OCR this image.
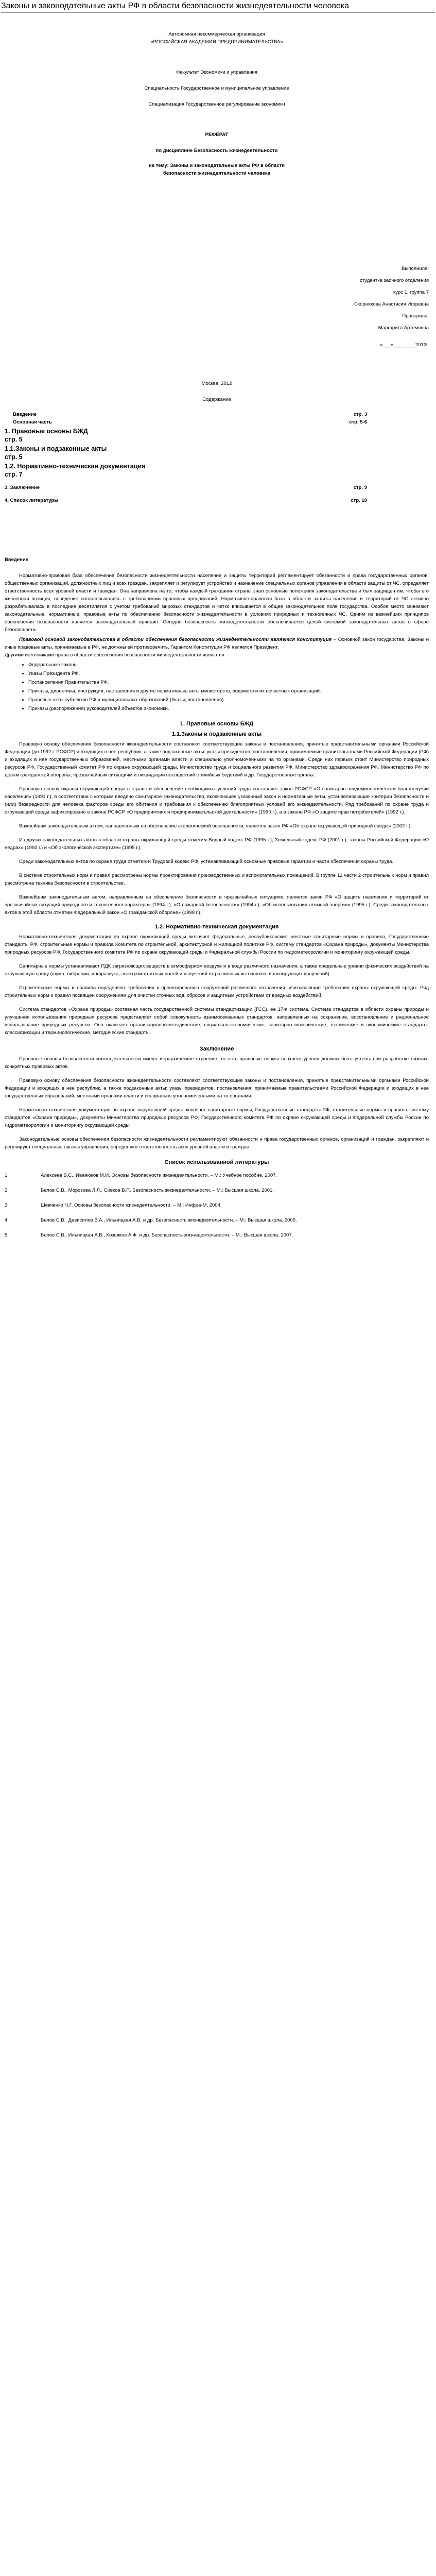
Законы и законодательные акты РФ в области безопасности жизнедеятельности человека

Автономная некоммерческая организация

«РОССИЙСКАЯ АКАДЕМИЯ ПРЕДПРИНИМАТЕЛЬСТВА»

Факультет Экономики и управления

Специальность Государственное и муниципальное управление

Специализация Государственное регулирование экономики

РЕФЕРАТ

по дисциплине Безопасность жизнедеятельности

на тему: Законы и законодательные акты РФ в области безопасности жизнедеятельности человека

Выполнила:

студентка заочного отделения

курс 1, группа 7

Скорнякова Анастасия Игоревна

Проверила:

Маргарита Артемовна

«___»________2012г.

Москва, 2012

Содержание

Введение	стр. 3
Основная часть	стр. 5-6
1. Правовые основы БЖД
стр. 5
1.1.Законы и подзаконные акты
стр. 5
1.2. Нормативно-техническая документация
стр. 7
3. Заключение	стр. 9
4. Список литературы	стр. 10

Введение

Нормативно-правовая база обеспечения безопасности жизнедеятельности населения и защиты территорий регламентирует обязанности и права государственных органов, общественных организаций, должностных лиц и всех граждан, закрепляет и регулирует устройство и назначение специальных органов управления в области защиты от ЧС, определяет ответственность всех уровней власти и граждан. Она направлена на то, чтобы каждый гражданин страны знал основные положения законодательства и был защищен им, чтобы его жизненная позиция, поведение согласовывались с требованиями правовых предписаний. Нормативно-правовая база в области защиты населения и территорий от ЧС активно разрабатывалась в последние десятилетия с учетом требований мировых стандартов и четко вписывается в общее законодательное поле государства. Особое место занимают законодательные, нормативные, правовые акты по обеспечению безопасности жизнедеятельности в условиях природных и техногенных ЧС. Одним из важнейших принципов обеспечения безопасности является законодательный принцип. Сегодня безопасность жизнедеятельности обеспечивается целой системой законодательных актов в сфере безопасности.

Правовой основой законодательства в области обеспечения безопасности жизнедеятельности является Конституция – Основной закон государства. Законы и иные правовые акты, принимаемые в РФ, не должны ей противоречить. Гарантом Конституции РФ является Президент.

Другими источниками права в области обеспечения безопасности жизнедеятельности являются:

• Федеральные законы.
• Указы Президента РФ.
• Постановления Правительства РФ.
• Приказы, директивы, инструкции, наставления и другие нормативные акты министерств, ведомств и их нечастных организаций.
• Правовые акты субъектов РФ и муниципальных образований (Указы, постановления).
• Приказы (распоряжения) руководителей объектов экономики.
1. Правовые основы БЖД
1.1.Законы и подзаконные акты

Правовую основу обеспечения безопасности жизнедеятельности составляют соответствующие законы и постановления, принятые представительными органами Российской Федерации (до 1992 г. РСФСР) и входящих в нее республик, а также подзаконные акты: указы президентов, постановления, принимаемые правительствами Российской Федерации (РФ) и входящих в нее государственных образований, местными органами власти и специально уполномоченными на то органами. Среди них первым стоит Министерство природных ресурсов РФ, Государственный комитет РФ по охране окружающей среды, Министерство труда и социального развития РФ, Министерство здравоохранения РФ, Министерство РФ по делам гражданской обороны, чрезвычайным ситуациям и ликвидации последствий стихийных бедствий и др. Государственные органы.

Правовую основу охраны окружающей среды в стране и обеспечение необходимых условий труда составляет закон РСФСР «О санитарно-эпидемиологическом благополучии населения» (1991 г.), в соответствии с которым введено санитарное законодательство, включающее указанный закон и нормативные акты, устанавливающие критерии безопасности и (или) безвредности для человека факторов среды его обитания и требования к обеспечению благоприятных условий его жизнедеятельности. Ряд требований по охране труда и окружающей среды зафиксировано в законе РСФСР «О предприятиях и предпринимательской деятельности» (1990 г.), а в законе РФ «О защите прав потребителей» (1992 г.).

Важнейшим законодательным актом, направленным на обеспечение экологической безопасности, является закон РФ «Об охране окружающей природной среды» (2002 г.).

Из других законодательных актов в области охраны окружающей среды отметим Водный кодекс РФ (1995 г.), Земельный кодекс РФ (2001 г.), законы Российской Федерации «О недрах» (1992 г.) и «Об экологической экспертизе» (1995 г.).

Среди законодательных актов по охране труда отметим и Трудовой кодекс РФ, устанавливающий основные правовые гарантии и части обеспечения охраны труда.

В системе строительных норм и правил рассмотрены нормы проектирования производственных и вспомогательных помещений. В группе 12 части 2 строительных норм и правил рассмотрена техника безопасности в строительстве.

Важнейшим законодательным актом, направленным на обеспечение безопасности в чрезвычайных ситуациях, является закон РФ «О защите населения и территорий от чрезвычайных ситуаций природного и техногенного характера» (1994 г.), «О пожарной безопасности» (1994 г.), «Об использовании атомной энергии» (1995 г.). Среди законодательных актов в этой области отметим Федеральный закон «О гражданской обороне» (1998 г.).

1.2. Нормативно-техническая документация

Нормативно-техническая документация по охране окружающей среды включает федеральные, республиканские, местные санитарные нормы и правила, Государственные стандарты РФ, строительные нормы и правила Комитета по строительной, архитектурной и жилищной политике РФ, систему стандартов «Охрана природы», документы Министерства природных ресурсов РФ, Государственного комитета РФ по охране окружающей среды и Федеральной службы России по гидрометеорологии и мониторингу окружающей среды.

Санитарные нормы устанавливают ПДК загрязняющих веществ в атмосферном воздухе и в воде различного назначения, а также предельные уровни физических воздействий на окружающую среду (шума, вибрации, инфразвука, электромагнитных полей и излучений от различных источников, ионизирующих излучений).

Строительные нормы и правила определяют требования к проектированию сооружений различного назначения, учитывающие требования охраны окружающей среды. Ряд строительных норм и правил посвящен сооружениям для очистки сточных вод, сбросов и защитным устройствам от вредных воздействий.

Система стандартов «Охрана природы» составная часть государственной системы стандартизации (ГСС), ее 17-я система. Система стандартов в области охраны природы и улучшения использования природных ресурсов представляет собой совокупность взаимосвязанных стандартов, направленных на сохранение, восстановление и рациональное использование природных ресурсов. Она включает организационно-методические, социально-экономические, санитарно-гигиенические, технические и экономические стандарты, классификации и терминологические, методические стандарты.

Заключение

Правовые основы безопасности жизнедеятельности имеют иерархическое строение, то есть правовые нормы верхнего уровня должны быть учтены при разработке нижних, конкретных правовых актов.

Правовую основу обеспечения безопасности жизнедеятельности составляют соответствующие законы и постановления, принятые представительными органами Российской Федерации и входящих в нее республик, а также подзаконные акты: указы президентов, постановления, принимаемые правительствами Российской Федерации и входящих в нее государственных образований, местными органами власти и специально уполномоченными на то органами.

Нормативно-техническая документация по охране окружающей среды включает санитарные нормы, Государственные стандарты РФ, строительные нормы и правила, систему стандартов «Охрана природы», документы Министерства природных ресурсов РФ, Государственного комитета РФ по охране окружающей среды и Федеральной службы России по гидрометеорологии и мониторингу окружающей среды.

Законодательные основы обеспечения безопасности жизнедеятельности регламентируют обязанности и права государственных органов, организаций и граждан, закрепляют и регулируют специальные органы управления, определяют ответственность всех уровней власти и граждан.

Список использованной литературы
1.	Алексеев В.С., Иванюков М.И. Основы безопасности жизнедеятельности. – М.: Учебное пособие, 2007.
2.	Белов С.В., Морозова Л.Л., Сивков В.П. Безопасность жизнедеятельности. – М.: Высшая школа, 2001.
3.	Шевченко Н.Г. Основы безопасности жизнедеятельности. – М.: Инфра-М, 2004.
4.	Белов С.В., Девисилов В.А., Ильницкая А.В. и др. Безопасность жизнедеятельности. – М.: Высшая школа, 2005.
5.	Белов С.В., Ильницкая А.В., Козьяков А.Ф. и др. Безопасность жизнедеятельности. – М.: Высшая школа, 2007.
